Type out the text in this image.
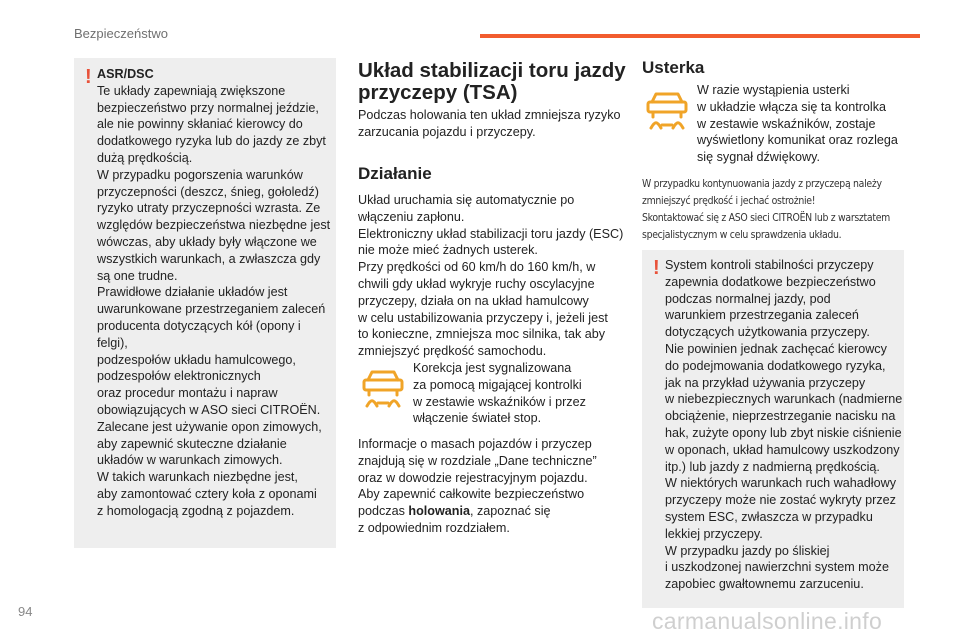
Bezpieczeństwo
! ASR/DSC

Te układy zapewniają zwiększone

bezpieczeństwo przy normalnej jeździe,

ale nie powinny skłaniać kierowcy do

dodatkowego ryzyka lub do jazdy ze zbyt

dużą prędkością.

W przypadku pogorszenia warunków

przyczepności (deszcz, śnieg, gołoledź)

ryzyko utraty przyczepności wzrasta. Ze

względów bezpieczeństwa niezbędne jest

wówczas, aby układy były włączone we

wszystkich warunkach, a zwłaszcza gdy

są one trudne.

Prawidłowe działanie układów jest

uwarunkowane przestrzeganiem zaleceń

producenta dotyczących kół (opony i felgi),

podzespołów układu hamulcowego,

podzespołów elektronicznych

oraz procedur montażu i napraw

obowiązujących w ASO sieci CITROËN.

Zalecane jest używanie opon zimowych,

aby zapewnić skuteczne działanie

układów w warunkach zimowych.

W takich warunkach niezbędne jest,

aby zamontować cztery koła z oponami

z homologacją zgodną z pojazdem.

Układ stabilizacji toru jazdy
przyczepy (TSA)

Podczas holowania ten układ zmniejsza ryzyko

zarzucania pojazdu i przyczepy.

Działanie

Układ uruchamia się automatycznie po

włączeniu zapłonu.

Elektroniczny układ stabilizacji toru jazdy (ESC)

nie może mieć żadnych usterek.

Przy prędkości od 60 km/h do 160 km/h, w

chwili gdy układ wykryje ruchy oscylacyjne

przyczepy, działa on na układ hamulcowy

w celu ustabilizowania przyczepy i, jeżeli jest

to konieczne, zmniejsza moc silnika, tak aby

zmniejszyć prędkość samochodu.

Korekcja jest sygnalizowana

za pomocą migającej kontrolki

w zestawie wskaźników i przez

włączenie świateł stop.

Informacje o masach pojazdów i przyczep

znajdują się w rozdziale „Dane techniczne”

oraz w dowodzie rejestracyjnym pojazdu.

Aby zapewnić całkowite bezpieczeństwo

podczas holowania, zapoznać się

z odpowiednim rozdziałem.

Usterka

W razie wystąpienia usterki

w układzie włącza się ta kontrolka

w zestawie wskaźników, zostaje

wyświetlony komunikat oraz rozlega

się sygnał dźwiękowy.

W przypadku kontynuowania jazdy z przyczepą należy

zmniejszyć prędkość i jechać ostrożnie!

Skontaktować się z ASO sieci CITROËN lub z warsztatem

specjalistycznym w celu sprawdzenia układu.

! System kontroli stabilności przyczepy

zapewnia dodatkowe bezpieczeństwo

podczas normalnej jazdy, pod

warunkiem przestrzegania zaleceń

dotyczących użytkowania przyczepy.

Nie powinien jednak zachęcać kierowcy

do podejmowania dodatkowego ryzyka,

jak na przykład używania przyczepy

w niebezpiecznych warunkach (nadmierne

obciążenie, nieprzestrzeganie nacisku na

hak, zużyte opony lub zbyt niskie ciśnienie

w oponach, układ hamulcowy uszkodzony

itp.) lub jazdy z nadmierną prędkością.

W niektórych warunkach ruch wahadłowy

przyczepy może nie zostać wykryty przez

system ESC, zwłaszcza w przypadku

lekkiej przyczepy.

W przypadku jazdy po śliskiej

i uszkodzonej nawierzchni system może

zapobiec gwałtownemu zarzuceniu.

94	carmanualsonline.info
